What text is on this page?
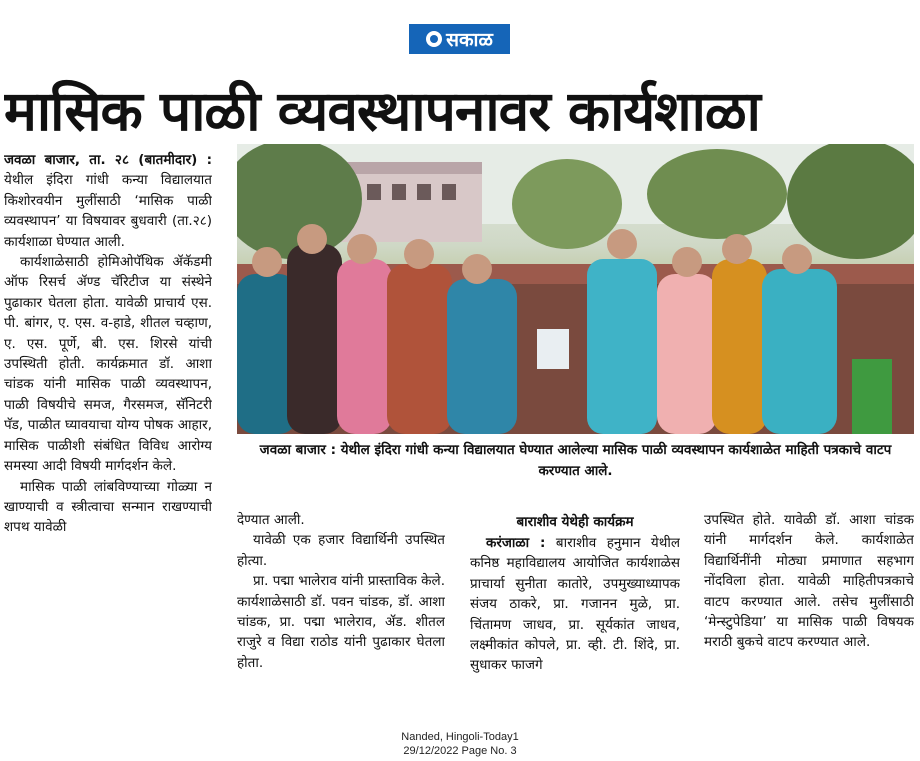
सकाळ
मासिक पाळी व्यवस्थापनावर कार्यशाळा

जवळा बाजार, ता. २८ (बातमीदार) : येथील इंदिरा गांधी कन्या विद्यालयात किशोरवयीन मुलींसाठी ‘मासिक पाळी व्यवस्थापन’ या विषयावर बुधवारी (ता.२८) कार्यशाळा घेण्यात आली.

कार्यशाळेसाठी होमिओपॅथिक ॲकॅडमी ऑफ रिसर्च ॲण्ड चॅरिटीज या संस्थेने पुढाकार घेतला होता. यावेळी प्राचार्य एस. पी. बांगर, ए. एस. व-हाडे, शीतल चव्हाण, ए. एस. पूर्णे, बी. एस. शिरसे यांची उपस्थिती होती. कार्यक्रमात डॉ. आशा चांडक यांनी मासिक पाळी व्यवस्थापन, पाळी विषयीचे समज, गैरसमज, सॅनिटरी पॅड, पाळीत घ्यावयाचा योग्य पोषक आहार, मासिक पाळीशी संबंधित विविध आरोग्य समस्या आदी विषयी मार्गदर्शन केले.

मासिक पाळी लांबविण्याच्या गोळ्या न खाण्याची व स्त्रीत्वाचा सन्मान राखण्याची शपथ यावेळी

जवळा बाजार : येथील इंदिरा गांधी कन्या विद्यालयात घेण्यात आलेल्या मासिक पाळी व्यवस्थापन कार्यशाळेत माहिती पत्रकाचे वाटप करण्यात आले.

देण्यात आली.

यावेळी एक हजार विद्यार्थिनी उपस्थित होत्या.

प्रा. पद्मा भालेराव यांनी प्रास्ताविक केले. कार्यशाळेसाठी डॉ. पवन चांडक, डॉ. आशा चांडक, प्रा. पद्मा भालेराव, ॲड. शीतल राजुरे व विद्या राठोड यांनी पुढाकार घेतला होता.

बाराशीव येथेही कार्यक्रम

करंजाळा : बाराशीव हनुमान येथील कनिष्ठ महाविद्यालय आयोजित कार्यशाळेस प्राचार्या सुनीता कातोरे, उपमुख्याध्यापक संजय ठाकरे, प्रा. गजानन मुळे, प्रा. चिंतामण जाधव, प्रा. सूर्यकांत जाधव, लक्ष्मीकांत कोपले, प्रा. व्ही. टी. शिंदे, प्रा. सुधाकर फाजगे

उपस्थित होते. यावेळी डॉ. आशा चांडक यांनी मार्गदर्शन केले. कार्यशाळेत विद्यार्थिनींनी मोठ्या प्रमाणात सहभाग नोंदविला होता. यावेळी माहितीपत्रकाचे वाटप करण्यात आले. तसेच मुलींसाठी ‘मेन्स्टुपेडिया’ या मासिक पाळी विषयक मराठी बुकचे वाटप करण्यात आले.

Nanded, Hingoli-Today1
29/12/2022 Page No. 3
